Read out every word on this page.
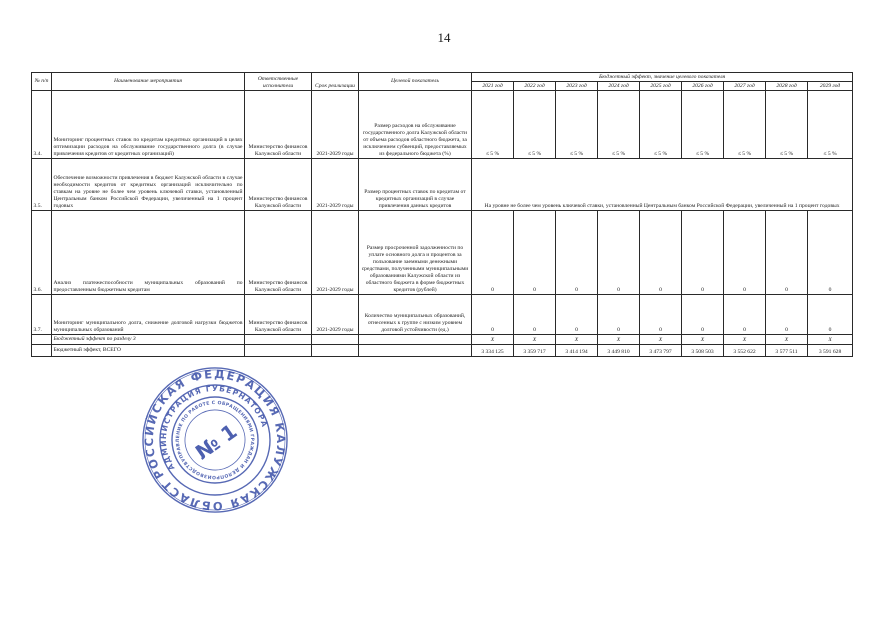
14
№ п/п	Наименование мероприятия	Ответственные исполнители	Срок реализации	Целевой показатель	Бюджетный эффект, значение целевого показателя								
					2021 год	2022 год	2023 год	2024 год	2025 год	2026 год	2027 год	2028 год	2029 год
3.4.	Мониторинг процентных ставок по кредитам кредитных организаций в целях оптимизации расходов на обслуживание государственного долга (в случае привлечения кредитов от кредитных организаций)	Министерство финансов Калужской области	2021-2029 годы	Размер расходов на обслуживание государственного долга Калужской области от объема расходов областного бюджета, за исключением субвенций, предоставляемых из федерального бюджета (%)	≤ 5 %	≤ 5 %	≤ 5 %	≤ 5 %	≤ 5 %	≤ 5 %	≤ 5 %	≤ 5 %	≤ 5 %
3.5.	Обеспечение возможности привлечения в бюджет Калужской области в случае необходимости кредитов от кредитных организаций исключительно по ставкам на уровне не более чем уровень ключевой ставки, установленный Центральным банком Российской Федерации, увеличенный на 1 процент годовых	Министерство финансов Калужской области	2021-2029 годы	Размер процентных ставок по кредитам от кредитных организаций в случае привлечения данных кредитов	На уровне не более чем уровень ключевой ставки, установленный Центральным банком Российской Федерации, увеличенный на 1 процент годовых								
3.6.	Анализ платежеспособности муниципальных образований по предоставленным бюджетным кредитам	Министерство финансов Калужской области	2021-2029 годы	Размер просроченной задолженности по уплате основного долга и процентов за пользование заемными денежными средствами, полученными муниципальными образованиями Калужской области из областного бюджета в форме бюджетных кредитов (рублей)	0	0	0	0	0	0	0	0	0
3.7.	Мониторинг муниципального долга, снижение долговой нагрузки бюджетов муниципальных образований	Министерство финансов Калужской области	2021-2029 годы	Количество муниципальных образований, отнесенных к группе с низким уровнем долговой устойчивости (ед.)	0	0	0	0	0	0	0	0	0
	Бюджетный эффект по разделу 3				X	X	X	X	X	X	X	X	X
	Бюджетный эффект, ВСЕГО				3 334 125	3 359 717	3 414 194	3 449 810	3 473 797	3 508 503	3 552 622	3 577 511	3 591 628
РОССИЙСКАЯ ФЕДЕРАЦИЯ КАЛУЖСКАЯ ОБЛАСТЬ
АДМИНИСТРАЦИЯ ГУБЕРНАТОРА
УПРАВЛЕНИЕ ПО РАБОТЕ С ОБРАЩЕНИЯМИ ГРАЖДАН И ДЕЛОПРОИЗВОДСТВУ	№ 1
